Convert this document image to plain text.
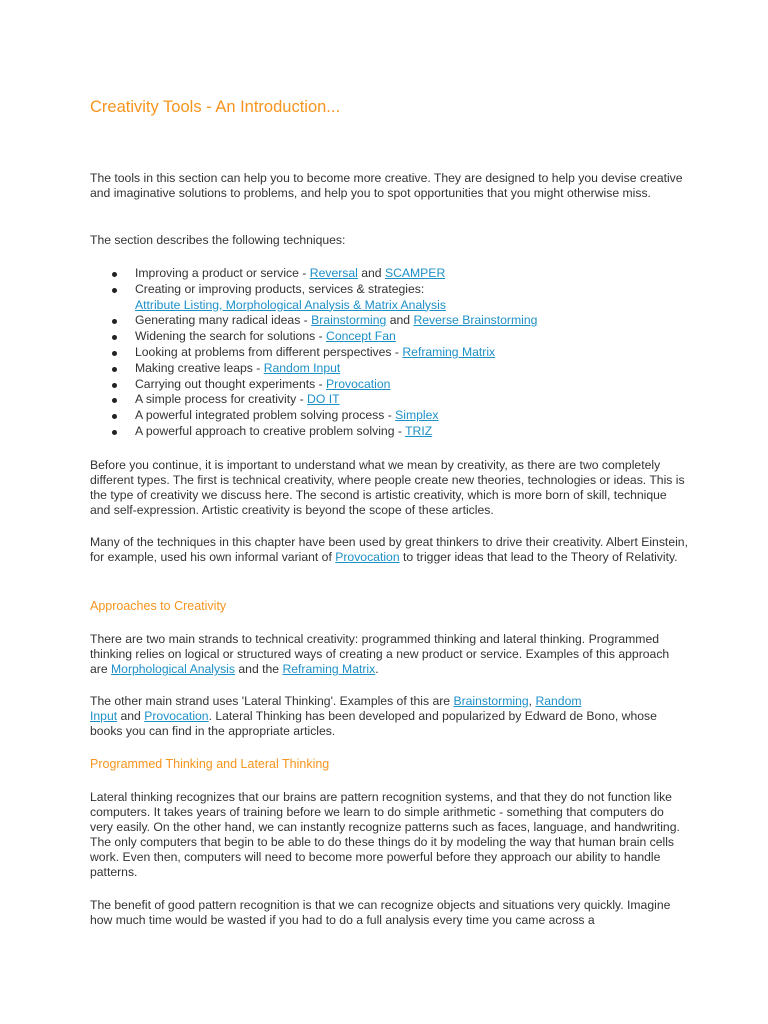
Creativity Tools - An Introduction...

The tools in this section can help you to become more creative. They are designed to help you devise creative and imaginative solutions to problems, and help you to spot opportunities that you might otherwise miss.

The section describes the following techniques:

Improving a product or service - Reversal and SCAMPER
Creating or improving products, services & strategies:
Attribute Listing, Morphological Analysis & Matrix Analysis
Generating many radical ideas - Brainstorming and Reverse Brainstorming
Widening the search for solutions - Concept Fan
Looking at problems from different perspectives - Reframing Matrix
Making creative leaps - Random Input
Carrying out thought experiments - Provocation
A simple process for creativity - DO IT
A powerful integrated problem solving process - Simplex
A powerful approach to creative problem solving - TRIZ

Before you continue, it is important to understand what we mean by creativity, as there are two completely different types. The first is technical creativity, where people create new theories, technologies or ideas. This is the type of creativity we discuss here. The second is artistic creativity, which is more born of skill, technique and self-expression. Artistic creativity is beyond the scope of these articles.

Many of the techniques in this chapter have been used by great thinkers to drive their creativity. Albert Einstein, for example, used his own informal variant of Provocation to trigger ideas that lead to the Theory of Relativity.

Approaches to Creativity

There are two main strands to technical creativity: programmed thinking and lateral thinking. Programmed thinking relies on logical or structured ways of creating a new product or service. Examples of this approach are Morphological Analysis and the Reframing Matrix.

The other main strand uses 'Lateral Thinking'. Examples of this are Brainstorming, Random
Input and Provocation. Lateral Thinking has been developed and popularized by Edward de Bono, whose books you can find in the appropriate articles.

Programmed Thinking and Lateral Thinking

Lateral thinking recognizes that our brains are pattern recognition systems, and that they do not function like computers. It takes years of training before we learn to do simple arithmetic - something that computers do very easily. On the other hand, we can instantly recognize patterns such as faces, language, and handwriting. The only computers that begin to be able to do these things do it by modeling the way that human brain cells work. Even then, computers will need to become more powerful before they approach our ability to handle patterns.

The benefit of good pattern recognition is that we can recognize objects and situations very quickly. Imagine how much time would be wasted if you had to do a full analysis every time you came across a
